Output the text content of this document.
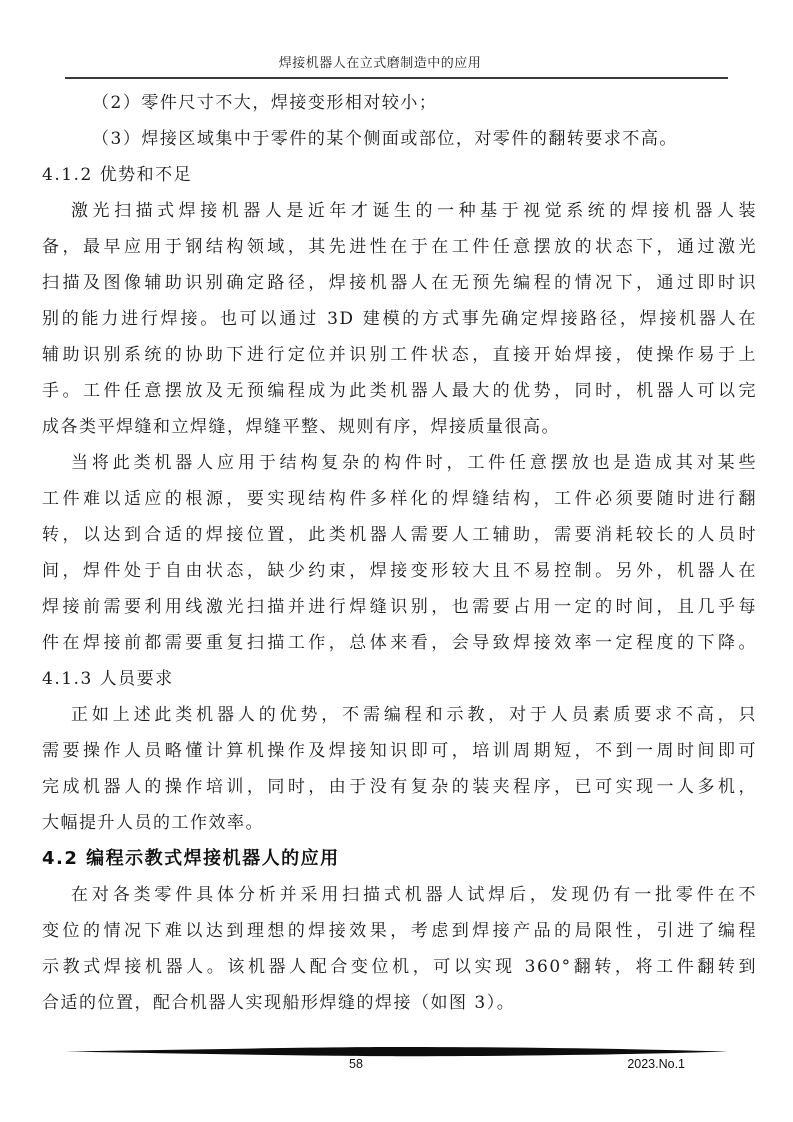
焊接机器人在立式磨制造中的应用
（2）零件尺寸不大，焊接变形相对较小；
（3）焊接区域集中于零件的某个侧面或部位，对零件的翻转要求不高。
4.1.2 优势和不足
激光扫描式焊接机器人是近年才诞生的一种基于视觉系统的焊接机器人装
备，最早应用于钢结构领域，其先进性在于在工件任意摆放的状态下，通过激光
扫描及图像辅助识别确定路径，焊接机器人在无预先编程的情况下，通过即时识
别的能力进行焊接。也可以通过 3D 建模的方式事先确定焊接路径，焊接机器人在
辅助识别系统的协助下进行定位并识别工件状态，直接开始焊接，使操作易于上
手。工件任意摆放及无预编程成为此类机器人最大的优势，同时，机器人可以完
成各类平焊缝和立焊缝，焊缝平整、规则有序，焊接质量很高。
当将此类机器人应用于结构复杂的构件时，工件任意摆放也是造成其对某些
工件难以适应的根源，要实现结构件多样化的焊缝结构，工件必须要随时进行翻
转，以达到合适的焊接位置，此类机器人需要人工辅助，需要消耗较长的人员时
间，焊件处于自由状态，缺少约束，焊接变形较大且不易控制。另外，机器人在
焊接前需要利用线激光扫描并进行焊缝识别，也需要占用一定的时间，且几乎每
件在焊接前都需要重复扫描工作，总体来看，会导致焊接效率一定程度的下降。
4.1.3 人员要求
正如上述此类机器人的优势，不需编程和示教，对于人员素质要求不高，只
需要操作人员略懂计算机操作及焊接知识即可，培训周期短，不到一周时间即可
完成机器人的操作培训，同时，由于没有复杂的装夹程序，已可实现一人多机，
大幅提升人员的工作效率。
4.2 编程示教式焊接机器人的应用
在对各类零件具体分析并采用扫描式机器人试焊后，发现仍有一批零件在不
变位的情况下难以达到理想的焊接效果，考虑到焊接产品的局限性，引进了编程
示教式焊接机器人。该机器人配合变位机，可以实现 360°翻转，将工件翻转到
合适的位置，配合机器人实现船形焊缝的焊接（如图 3）。
58	2023.No.1
